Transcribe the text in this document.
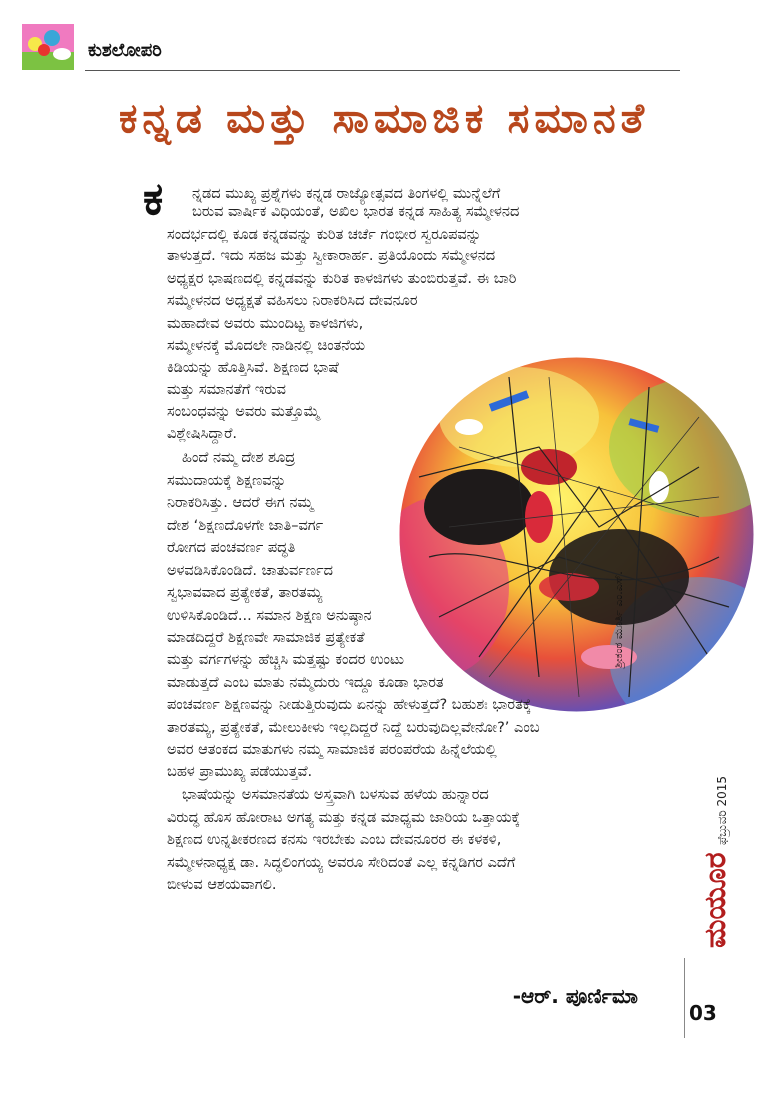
ಕುಶಲೋಪರಿ
ಕನ್ನಡ ಮತ್ತು ಸಾಮಾಜಿಕ ಸಮಾನತೆ
ಶ್ರೀಕಂಠ ಮೂರ್ತಿ ಎಂ.ಎಸ್.
ಕ ನ್ನಡದ ಮುಖ್ಯ ಪ್ರಶ್ನೆಗಳು ಕನ್ನಡ ರಾಜ್ಯೋತ್ಸವದ ತಿಂಗಳಲ್ಲಿ ಮುನ್ನೆಲೆಗೆ
ಬರುವ ವಾರ್ಷಿಕ ವಿಧಿಯಂತೆ, ಅಖಿಲ ಭಾರತ ಕನ್ನಡ ಸಾಹಿತ್ಯ ಸಮ್ಮೇಳನದ
ಸಂದರ್ಭದಲ್ಲಿ ಕೂಡ ಕನ್ನಡವನ್ನು ಕುರಿತ ಚರ್ಚೆ ಗಂಭೀರ ಸ್ವರೂಪವನ್ನು
ತಾಳುತ್ತದೆ. ಇದು ಸಹಜ ಮತ್ತು ಸ್ವೀಕಾರಾರ್ಹ. ಪ್ರತಿಯೊಂದು ಸಮ್ಮೇಳನದ
ಅಧ್ಯಕ್ಷರ ಭಾಷಣದಲ್ಲಿ ಕನ್ನಡವನ್ನು ಕುರಿತ ಕಾಳಜಿಗಳು ತುಂಬಿರುತ್ತವೆ. ಈ ಬಾರಿ
ಸಮ್ಮೇಳನದ ಅಧ್ಯಕ್ಷತೆ ವಹಿಸಲು ನಿರಾಕರಿಸಿದ ದೇವನೂರ
ಮಹಾದೇವ ಅವರು ಮುಂದಿಟ್ಟ ಕಾಳಜಿಗಳು,
ಸಮ್ಮೇಳನಕ್ಕೆ ಮೊದಲೇ ನಾಡಿನಲ್ಲಿ ಚಿಂತನೆಯ
ಕಿಡಿಯನ್ನು ಹೊತ್ತಿಸಿವೆ. ಶಿಕ್ಷಣದ ಭಾಷೆ
ಮತ್ತು ಸಮಾನತೆಗೆ ಇರುವ
ಸಂಬಂಧವನ್ನು ಅವರು ಮತ್ತೊಮ್ಮೆ
ವಿಶ್ಲೇಷಿಸಿದ್ದಾರೆ.
ಹಿಂದೆ ನಮ್ಮ ದೇಶ ಶೂದ್ರ
ಸಮುದಾಯಕ್ಕೆ ಶಿಕ್ಷಣವನ್ನು
ನಿರಾಕರಿಸಿತ್ತು. ಆದರೆ ಈಗ ನಮ್ಮ
ದೇಶ ‘ಶಿಕ್ಷಣದೊಳಗೇ ಜಾತಿ–ವರ್ಗ
ರೋಗದ ಪಂಚವರ್ಣ ಪದ್ಧತಿ
ಅಳವಡಿಸಿಕೊಂಡಿದೆ. ಚಾತುರ್ವರ್ಣದ
ಸ್ವಭಾವವಾದ ಪ್ರತ್ಯೇಕತೆ, ತಾರತಮ್ಯ
ಉಳಿಸಿಕೊಂಡಿದೆ... ಸಮಾನ ಶಿಕ್ಷಣ ಅನುಷ್ಠಾನ
ಮಾಡದಿದ್ದರೆ ಶಿಕ್ಷಣವೇ ಸಾಮಾಜಿಕ ಪ್ರತ್ಯೇಕತೆ
ಮತ್ತು ವರ್ಗಗಳನ್ನು ಹೆಚ್ಚಿಸಿ ಮತ್ತಷ್ಟು ಕಂದರ ಉಂಟು
ಮಾಡುತ್ತದೆ ಎಂಬ ಮಾತು ನಮ್ಮೆದುರು ಇದ್ದೂ ಕೂಡಾ ಭಾರತ
ಪಂಚವರ್ಣ ಶಿಕ್ಷಣವನ್ನು ನೀಡುತ್ತಿರುವುದು ಏನನ್ನು ಹೇಳುತ್ತದೆ? ಬಹುಶಃ ಭಾರತಕ್ಕೆ
ತಾರತಮ್ಯ, ಪ್ರತ್ಯೇಕತೆ, ಮೇಲುಕೀಳು ಇಲ್ಲದಿದ್ದರೆ ನಿದ್ದೆ ಬರುವುದಿಲ್ಲವೇನೋ?’ ಎಂಬ
ಅವರ ಆತಂಕದ ಮಾತುಗಳು ನಮ್ಮ ಸಾಮಾಜಿಕ ಪರಂಪರೆಯ ಹಿನ್ನೆಲೆಯಲ್ಲಿ
ಬಹಳ ಪ್ರಾಮುಖ್ಯ ಪಡೆಯುತ್ತವೆ.
ಭಾಷೆಯನ್ನು ಅಸಮಾನತೆಯ ಅಸ್ತ್ರವಾಗಿ ಬಳಸುವ ಹಳೆಯ ಹುನ್ನಾರದ
ವಿರುದ್ಧ ಹೊಸ ಹೋರಾಟ ಅಗತ್ಯ ಮತ್ತು ಕನ್ನಡ ಮಾಧ್ಯಮ ಜಾರಿಯ ಒತ್ತಾಯಕ್ಕೆ
ಶಿಕ್ಷಣದ ಉನ್ನತೀಕರಣದ ಕನಸು ಇರಬೇಕು ಎಂಬ ದೇವನೂರರ ಈ ಕಳಕಳಿ,
ಸಮ್ಮೇಳನಾಧ್ಯಕ್ಷ ಡಾ. ಸಿದ್ಧಲಿಂಗಯ್ಯ ಅವರೂ ಸೇರಿದಂತೆ ಎಲ್ಲ ಕನ್ನಡಿಗರ ಎದೆಗೆ
ಬೀಳುವ ಆಶಯವಾಗಲಿ.
-ಆರ್. ಪೂರ್ಣಿಮಾ
ಫೆಬ್ರುವರಿ 2015
ಮಯೂರ
03
